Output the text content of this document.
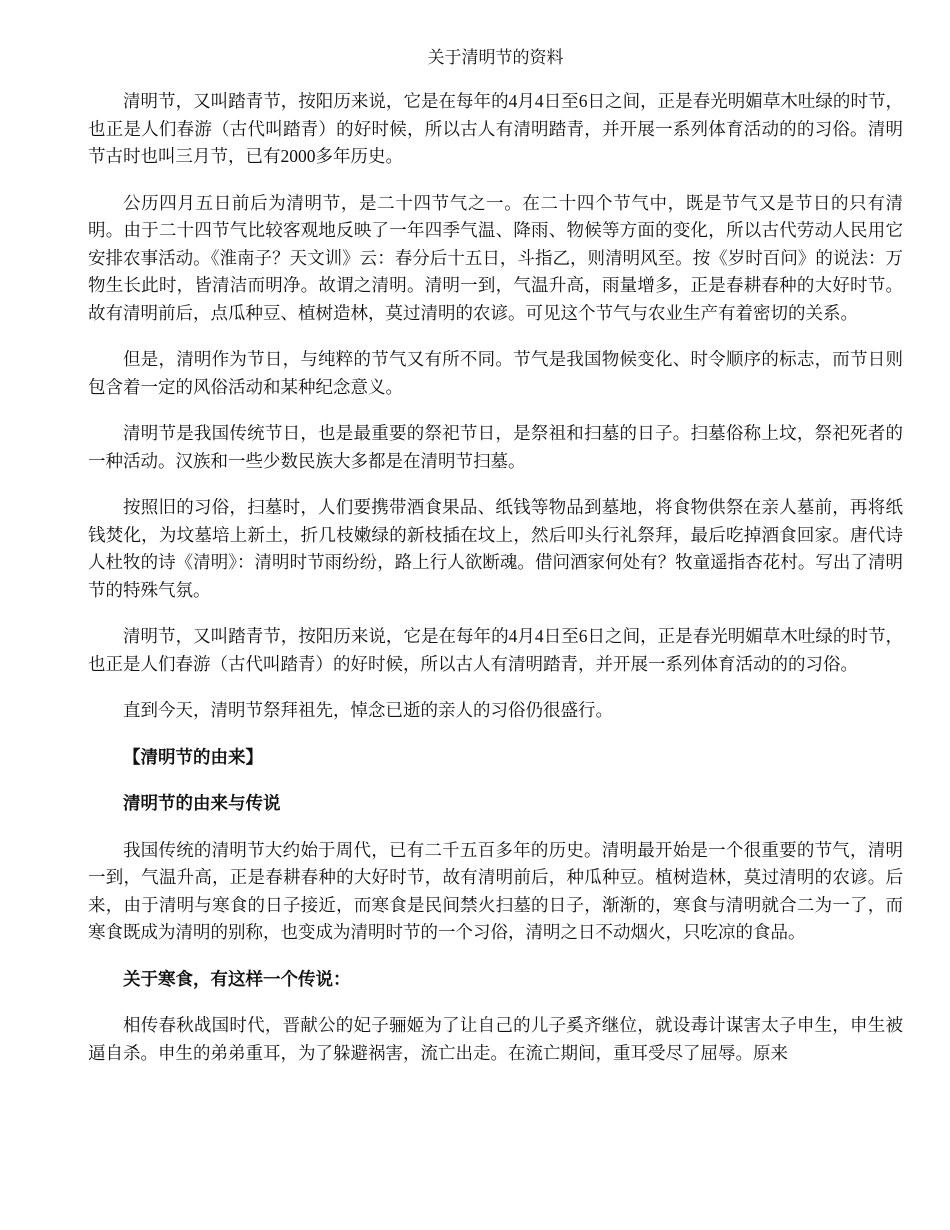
关于清明节的资料

清明节，又叫踏青节，按阳历来说，它是在每年的4月4日至6日之间，正是春光明媚草木吐绿的时节，也正是人们春游（古代叫踏青）的好时候，所以古人有清明踏青，并开展一系列体育活动的的习俗。清明节古时也叫三月节，已有2000多年历史。

公历四月五日前后为清明节，是二十四节气之一。在二十四个节气中，既是节气又是节日的只有清明。由于二十四节气比较客观地反映了一年四季气温、降雨、物候等方面的变化，所以古代劳动人民用它安排农事活动。《淮南子？天文训》云：春分后十五日，斗指乙，则清明风至。按《岁时百问》的说法：万物生长此时，皆清洁而明净。故谓之清明。清明一到，气温升高，雨量增多，正是春耕春种的大好时节。故有清明前后，点瓜种豆、植树造林，莫过清明的农谚。可见这个节气与农业生产有着密切的关系。

但是，清明作为节日，与纯粹的节气又有所不同。节气是我国物候变化、时令顺序的标志，而节日则包含着一定的风俗活动和某种纪念意义。

清明节是我国传统节日，也是最重要的祭祀节日，是祭祖和扫墓的日子。扫墓俗称上坟，祭祀死者的一种活动。汉族和一些少数民族大多都是在清明节扫墓。

按照旧的习俗，扫墓时，人们要携带酒食果品、纸钱等物品到墓地，将食物供祭在亲人墓前，再将纸钱焚化，为坟墓培上新土，折几枝嫩绿的新枝插在坟上，然后叩头行礼祭拜，最后吃掉酒食回家。唐代诗人杜牧的诗《清明》：清明时节雨纷纷，路上行人欲断魂。借问酒家何处有？牧童遥指杏花村。写出了清明节的特殊气氛。

清明节，又叫踏青节，按阳历来说，它是在每年的4月4日至6日之间，正是春光明媚草木吐绿的时节，也正是人们春游（古代叫踏青）的好时候，所以古人有清明踏青，并开展一系列体育活动的的习俗。

直到今天，清明节祭拜祖先，悼念已逝的亲人的习俗仍很盛行。

【清明节的由来】

清明节的由来与传说

我国传统的清明节大约始于周代，已有二千五百多年的历史。清明最开始是一个很重要的节气，清明一到，气温升高，正是春耕春种的大好时节，故有清明前后，种瓜种豆。植树造林，莫过清明的农谚。后来，由于清明与寒食的日子接近，而寒食是民间禁火扫墓的日子，渐渐的，寒食与清明就合二为一了，而寒食既成为清明的别称，也变成为清明时节的一个习俗，清明之日不动烟火，只吃凉的食品。

关于寒食，有这样一个传说：

相传春秋战国时代，晋献公的妃子骊姬为了让自己的儿子奚齐继位，就设毒计谋害太子申生，申生被逼自杀。申生的弟弟重耳，为了躲避祸害，流亡出走。在流亡期间，重耳受尽了屈辱。原来
